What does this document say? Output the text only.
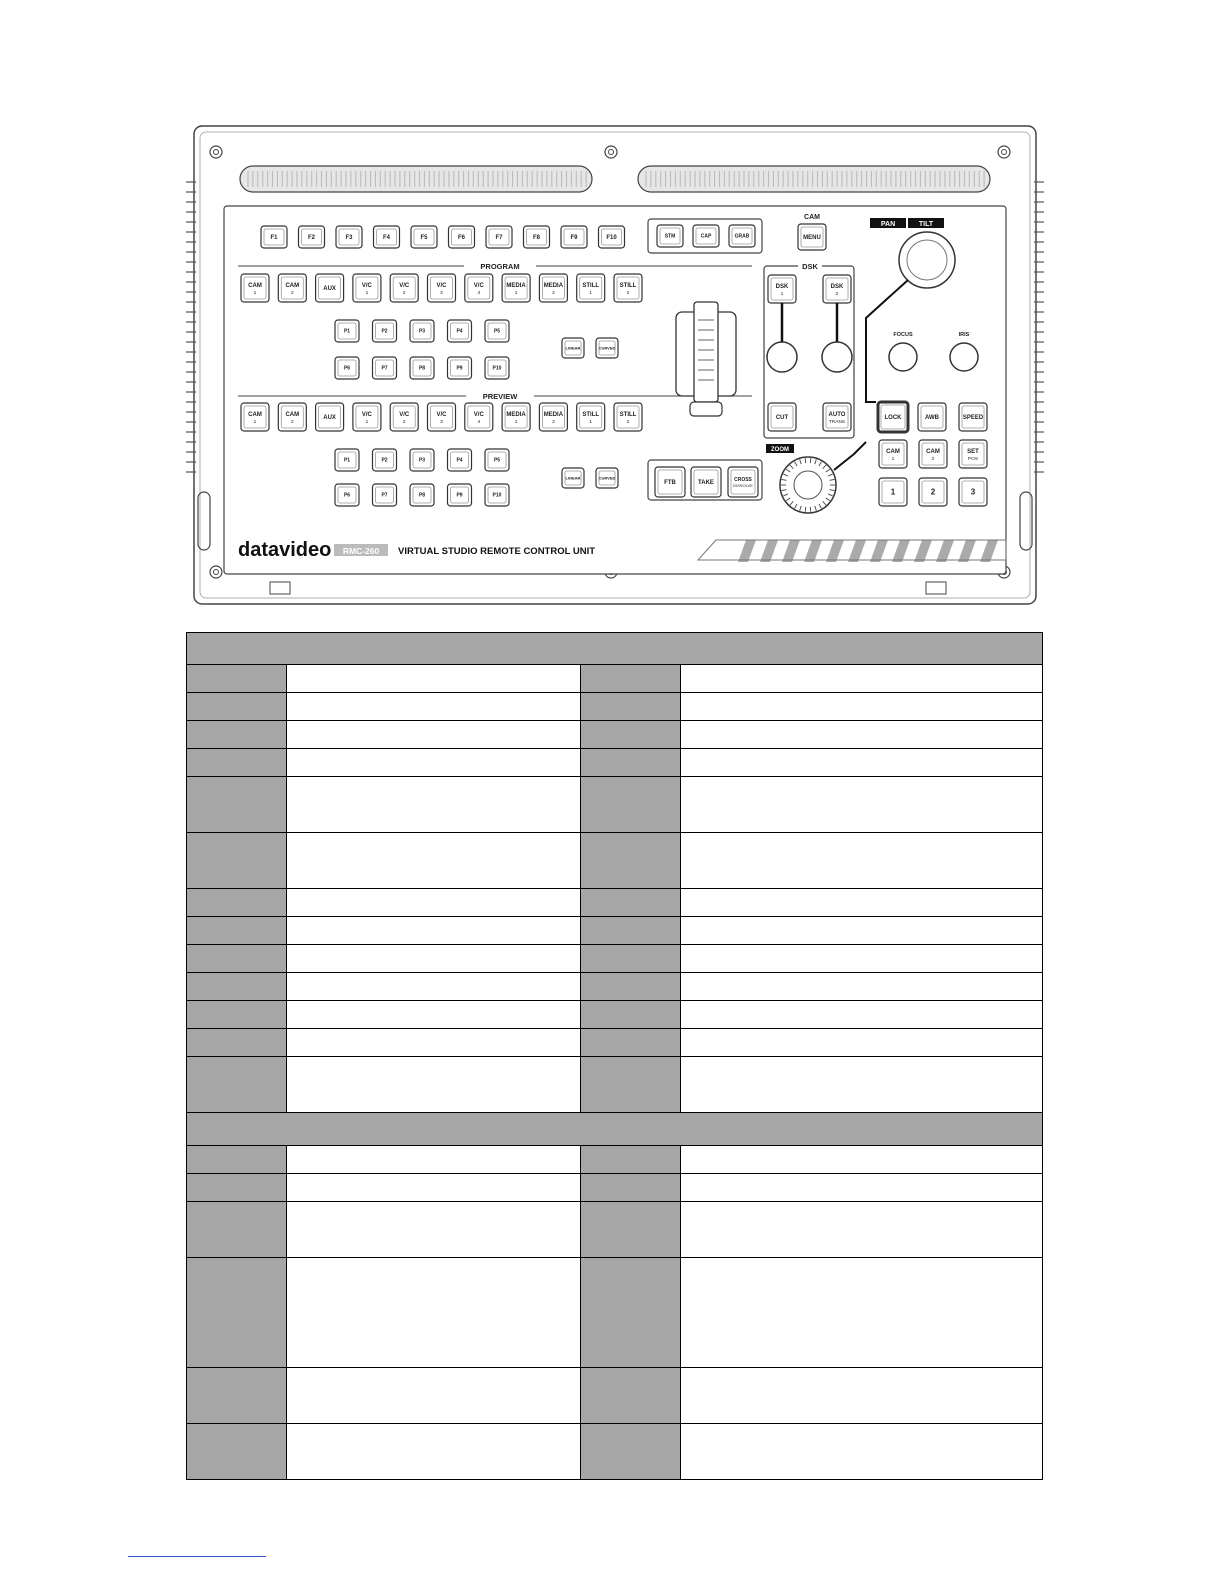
F1	F2	F3	F4	F5	F6	F7	F8	F9	F10	STM	CAP	GRAB
CAM
MENU
PROGRAM
CAM
1
CAM
2
AUX	V/C
1
V/C
2
V/C
3
V/C
4
MEDIA
1
MEDIA
2
STILL
1
STILL
2
P1	P2	P3	P4	P5
P6	P7	P8	P9	P10
LINEAR	CURVED
PREVIEW
CAM
1
CAM
2
AUX	V/C
1
V/C
2
V/C
3
V/C
4
MEDIA
1
MEDIA
2
STILL
1
STILL
2
P1	P2	P3	P4	P5
P6	P7	P8	P9	P10
LINEAR	CURVED
DSK
DSK
1
DSK
2
CUT	AUTO
TRANS
FTB	TAKE	CROSS
DISSOLVE
PAN	TILT
FOCUS	IRIS
LOCK	AWB	SPEED
CAM
1
CAM
2
SET
POS
1	2	3
ZOOM
datavideo RMC-260 VIRTUAL STUDIO REMOTE CONTROL UNIT
